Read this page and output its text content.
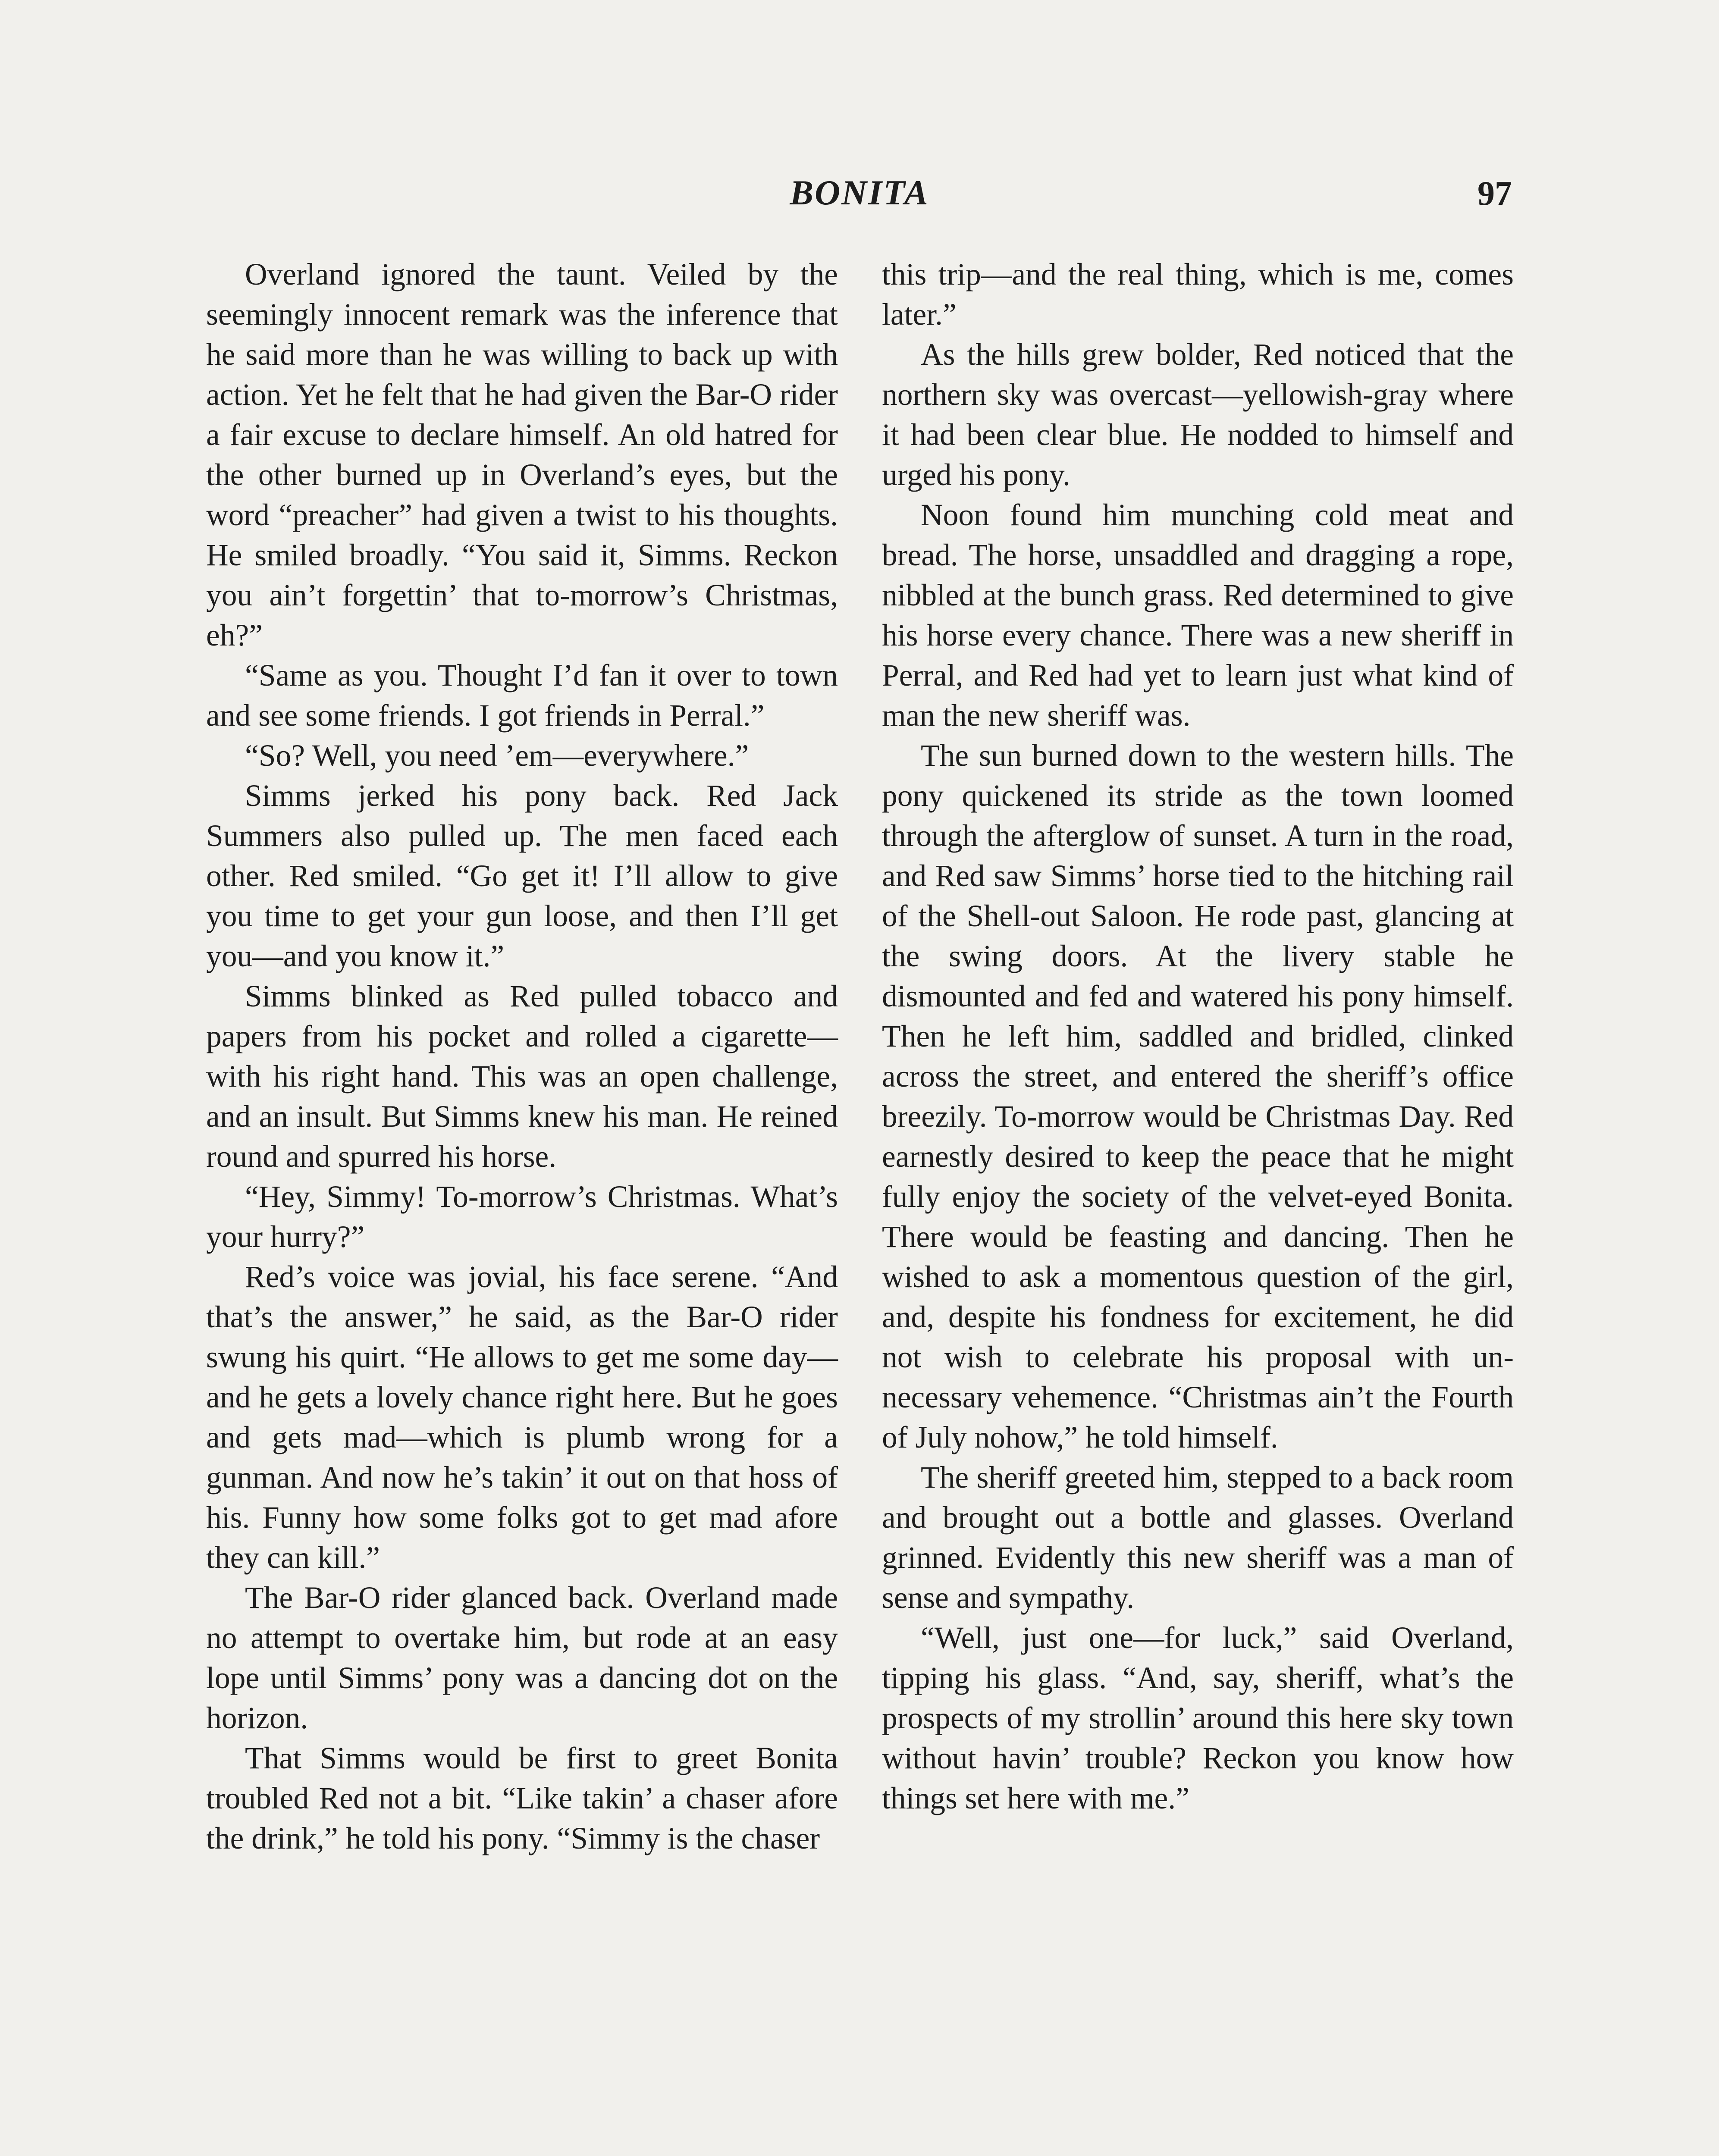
BONITA	97

Overland ignored the taunt. Veiled by the seemingly innocent remark was the inference that he said more than he was willing to back up with action. Yet he felt that he had given the Bar-O rider a fair excuse to declare himself. An old hatred for the other burned up in Overland’s eyes, but the word “preacher” had given a twist to his thoughts. He smiled broadly. “You said it, Simms. Reckon you ain’t forgettin’ that to-morrow’s Christmas, eh?”

“Same as you. Thought I’d fan it over to town and see some friends. I got friends in Perral.”

“So? Well, you need ’em—everywhere.”

Simms jerked his pony back. Red Jack Summers also pulled up. The men faced each other. Red smiled. “Go get it! I’ll allow to give you time to get your gun loose, and then I’ll get you—and you know it.”

Simms blinked as Red pulled tobacco and papers from his pocket and rolled a cigarette—with his right hand. This was an open challenge, and an insult. But Simms knew his man. He reined round and spurred his horse.

“Hey, Simmy! To-morrow’s Christmas. What’s your hurry?”

Red’s voice was jovial, his face serene. “And that’s the answer,” he said, as the Bar-O rider swung his quirt. “He allows to get me some day—and he gets a lovely chance right here. But he goes and gets mad—which is plumb wrong for a gunman. And now he’s takin’ it out on that hoss of his. Funny how some folks got to get mad afore they can kill.”

The Bar-O rider glanced back. Overland made no attempt to overtake him, but rode at an easy lope until Simms’ pony was a dancing dot on the horizon.

That Simms would be first to greet Bonita troubled Red not a bit. “Like takin’ a chaser afore the drink,” he told his pony. “Simmy is the chaser

this trip—and the real thing, which is me, comes later.”

As the hills grew bolder, Red noticed that the northern sky was overcast—yellowish-gray where it had been clear blue. He nodded to himself and urged his pony.

Noon found him munching cold meat and bread. The horse, unsaddled and dragging a rope, nibbled at the bunch grass. Red determined to give his horse every chance. There was a new sheriff in Perral, and Red had yet to learn just what kind of man the new sheriff was.

The sun burned down to the western hills. The pony quickened its stride as the town loomed through the afterglow of sunset. A turn in the road, and Red saw Simms’ horse tied to the hitching rail of the Shell-out Saloon. He rode past, glancing at the swing doors. At the livery stable he dismounted and fed and watered his pony himself. Then he left him, saddled and bridled, clinked across the street, and entered the sheriff’s office breezily. To-morrow would be Christmas Day. Red earnestly desired to keep the peace that he might fully enjoy the society of the velvet-eyed Bonita. There would be feasting and dancing. Then he wished to ask a momentous question of the girl, and, despite his fondness for excitement, he did not wish to celebrate his proposal with unnecessary vehemence. “Christmas ain’t the Fourth of July nohow,” he told himself.

The sheriff greeted him, stepped to a back room and brought out a bottle and glasses. Overland grinned. Evidently this new sheriff was a man of sense and sympathy.

“Well, just one—for luck,” said Overland, tipping his glass. “And, say, sheriff, what’s the prospects of my strollin’ around this here sky town without havin’ trouble? Reckon you know how things set here with me.”
